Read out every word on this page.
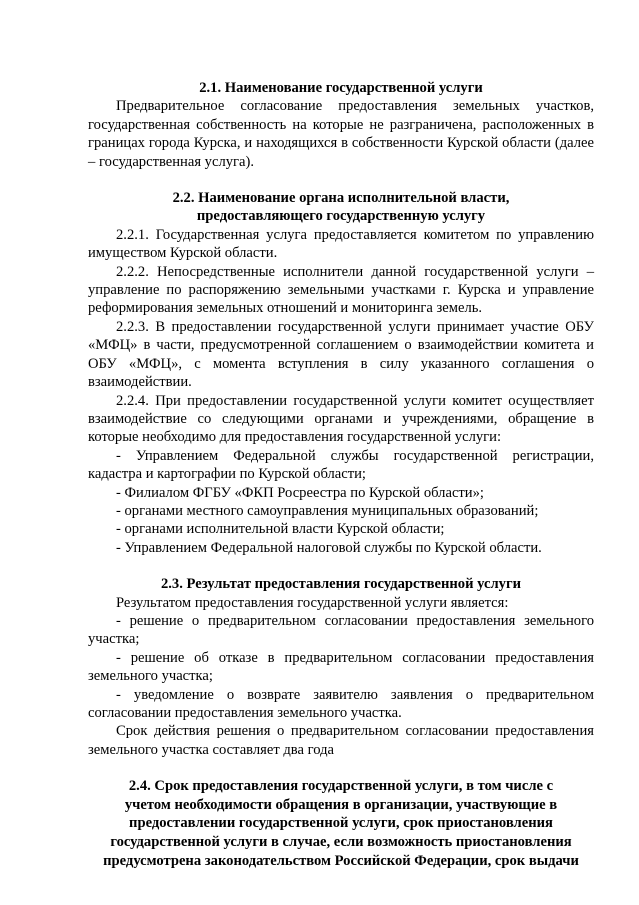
2.1. Наименование государственной услуги

Предварительное согласование предоставления земельных участков, государственная собственность на которые не разграничена, расположенных в границах города Курска, и находящихся в собственности Курской области (далее – государственная услуга).

2.2. Наименование органа исполнительной власти,

предоставляющего государственную услугу

2.2.1. Государственная услуга предоставляется комитетом по управлению имуществом Курской области.

2.2.2. Непосредственные исполнители данной государственной услуги – управление по распоряжению земельными участками г. Курска и управление реформирования земельных отношений и мониторинга земель.

2.2.3. В предоставлении государственной услуги принимает участие ОБУ «МФЦ» в части, предусмотренной соглашением о взаимодействии комитета и ОБУ «МФЦ», с момента вступления в силу указанного соглашения о взаимодействии.

2.2.4. При предоставлении государственной услуги комитет осуществляет взаимодействие со следующими органами и учреждениями, обращение в которые необходимо для предоставления государственной услуги:

- Управлением Федеральной службы государственной регистрации, кадастра и картографии по Курской области;

- Филиалом ФГБУ «ФКП Росреестра по Курской области»;

- органами местного самоуправления муниципальных образований;

- органами исполнительной власти Курской области;

- Управлением Федеральной налоговой службы по Курской области.

2.3. Результат предоставления государственной услуги

Результатом предоставления государственной услуги является:

- решение о предварительном согласовании предоставления земельного участка;

- решение об отказе в предварительном согласовании предоставления земельного участка;

- уведомление о возврате заявителю заявления о предварительном согласовании предоставления земельного участка.

Срок действия решения о предварительном согласовании предоставления земельного участка составляет два года

2.4. Срок предоставления государственной услуги, в том числе с

учетом необходимости обращения в организации, участвующие в

предоставлении государственной услуги, срок приостановления

государственной услуги в случае, если возможность приостановления

предусмотрена законодательством Российской Федерации, срок выдачи
